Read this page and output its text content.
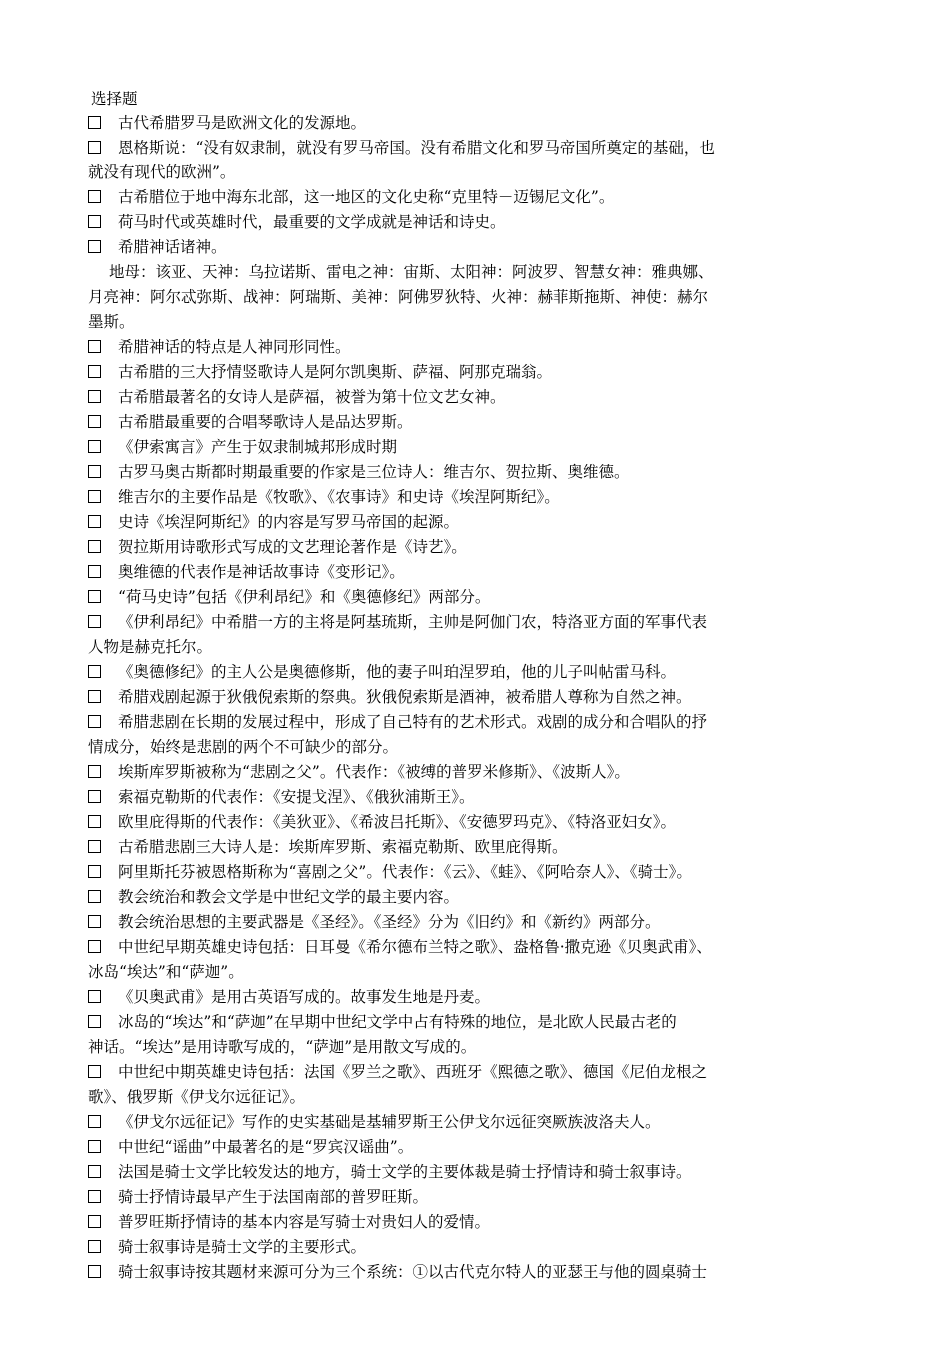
选择题
古代希腊罗马是欧洲文化的发源地。
恩格斯说：“没有奴隶制，就没有罗马帝国。没有希腊文化和罗马帝国所奠定的基础，也
就没有现代的欧洲”。
古希腊位于地中海东北部，这一地区的文化史称“克里特－迈锡尼文化”。
荷马时代或英雄时代，最重要的文学成就是神话和诗史。
希腊神话诸神。
地母：该亚、天神：乌拉诺斯、雷电之神：宙斯、太阳神：阿波罗、智慧女神：雅典娜、
月亮神：阿尔忒弥斯、战神：阿瑞斯、美神：阿佛罗狄特、火神：赫菲斯拖斯、神使：赫尔
墨斯。
希腊神话的特点是人神同形同性。
古希腊的三大抒情竖歌诗人是阿尔凯奥斯、萨福、阿那克瑞翁。
古希腊最著名的女诗人是萨福，被誉为第十位文艺女神。
古希腊最重要的合唱琴歌诗人是品达罗斯。
《伊索寓言》产生于奴隶制城邦形成时期
古罗马奥古斯都时期最重要的作家是三位诗人：维吉尔、贺拉斯、奥维德。
维吉尔的主要作品是《牧歌》、《农事诗》和史诗《埃涅阿斯纪》。
史诗《埃涅阿斯纪》的内容是写罗马帝国的起源。
贺拉斯用诗歌形式写成的文艺理论著作是《诗艺》。
奥维德的代表作是神话故事诗《变形记》。
“荷马史诗”包括《伊利昂纪》和《奥德修纪》两部分。
《伊利昂纪》中希腊一方的主将是阿基琉斯，主帅是阿伽门农，特洛亚方面的军事代表
人物是赫克托尔。
《奥德修纪》的主人公是奥德修斯，他的妻子叫珀涅罗珀，他的儿子叫帖雷马科。
希腊戏剧起源于狄俄倪索斯的祭典。狄俄倪索斯是酒神，被希腊人尊称为自然之神。
希腊悲剧在长期的发展过程中，形成了自己特有的艺术形式。戏剧的成分和合唱队的抒
情成分，始终是悲剧的两个不可缺少的部分。
埃斯库罗斯被称为“悲剧之父”。代表作：《被缚的普罗米修斯》、《波斯人》。
索福克勒斯的代表作：《安提戈涅》、《俄狄浦斯王》。
欧里庇得斯的代表作：《美狄亚》、《希波吕托斯》、《安德罗玛克》、《特洛亚妇女》。
古希腊悲剧三大诗人是：埃斯库罗斯、索福克勒斯、欧里庇得斯。
阿里斯托芬被恩格斯称为“喜剧之父”。代表作：《云》、《蛙》、《阿哈奈人》、《骑士》。
教会统治和教会文学是中世纪文学的最主要内容。
教会统治思想的主要武器是《圣经》。《圣经》分为《旧约》和《新约》两部分。
中世纪早期英雄史诗包括：日耳曼《希尔德布兰特之歌》、盎格鲁·撒克逊《贝奥武甫》、
冰岛“埃达”和“萨迦”。
《贝奥武甫》是用古英语写成的。故事发生地是丹麦。
冰岛的“埃达”和“萨迦”在早期中世纪文学中占有特殊的地位，是北欧人民最古老的
神话。“埃达”是用诗歌写成的，“萨迦”是用散文写成的。
中世纪中期英雄史诗包括：法国《罗兰之歌》、西班牙《熙德之歌》、德国《尼伯龙根之
歌》、俄罗斯《伊戈尔远征记》。
《伊戈尔远征记》写作的史实基础是基辅罗斯王公伊戈尔远征突厥族波洛夫人。
中世纪“谣曲”中最著名的是“罗宾汉谣曲”。
法国是骑士文学比较发达的地方，骑士文学的主要体裁是骑士抒情诗和骑士叙事诗。
骑士抒情诗最早产生于法国南部的普罗旺斯。
普罗旺斯抒情诗的基本内容是写骑士对贵妇人的爱情。
骑士叙事诗是骑士文学的主要形式。
骑士叙事诗按其题材来源可分为三个系统：①以古代克尔特人的亚瑟王与他的圆桌骑士
